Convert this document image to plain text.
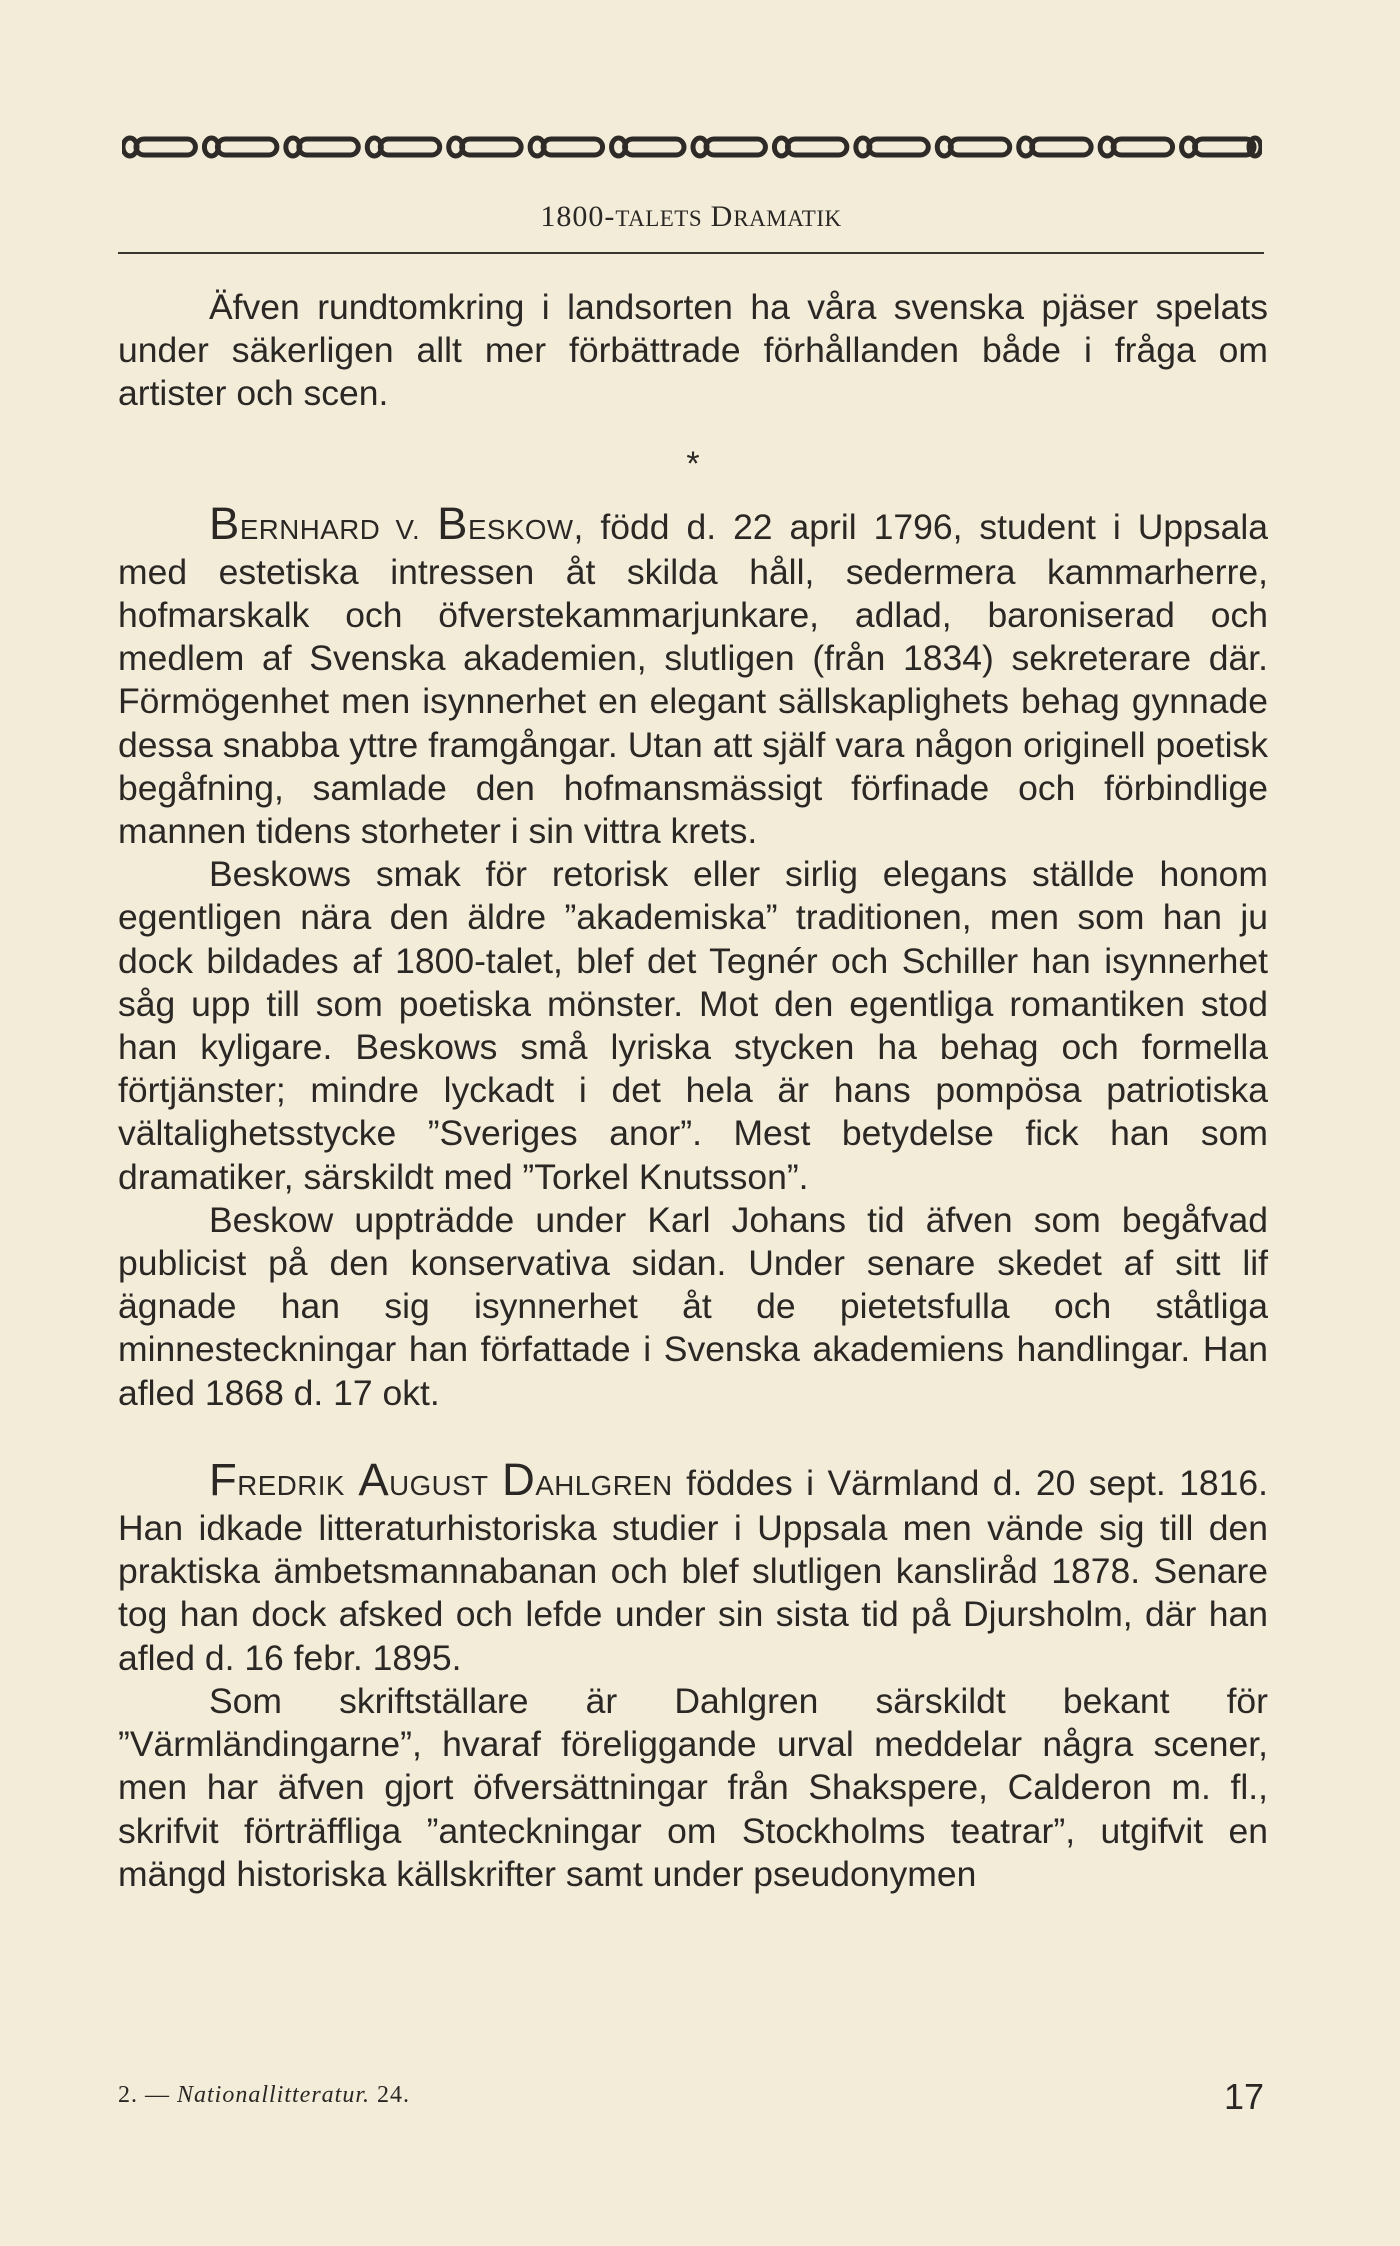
1800-TALETS DRAMATIK

Äfven rundtomkring i landsorten ha våra svenska pjäser spelats under säkerligen allt mer förbättrade förhållanden både i fråga om artister och scen.

*

BERNHARD V. BESKOW, född d. 22 april 1796, student i Uppsala med estetiska intressen åt skilda håll, sedermera kammarherre, hofmarskalk och öfverstekammarjunkare, adlad, baroniserad och medlem af Svenska akademien, slutligen (från 1834) sekreterare där. Förmögenhet men isynnerhet en elegant sällskaplighets behag gynnade dessa snabba yttre framgångar. Utan att själf vara någon originell poetisk begåfning, samlade den hofmansmässigt förfinade och förbindlige mannen tidens storheter i sin vittra krets.

Beskows smak för retorisk eller sirlig elegans ställde honom egentligen nära den äldre ”akademiska” traditionen, men som han ju dock bildades af 1800-talet, blef det Tegnér och Schiller han isynnerhet såg upp till som poetiska mönster. Mot den egentliga romantiken stod han kyligare. Beskows små lyriska stycken ha behag och formella förtjänster; mindre lyckadt i det hela är hans pompösa patriotiska vältalighetsstycke ”Sveriges anor”. Mest betydelse fick han som dramatiker, särskildt med ”Torkel Knutsson”.

Beskow uppträdde under Karl Johans tid äfven som begåfvad publicist på den konservativa sidan. Under senare skedet af sitt lif ägnade han sig isynnerhet åt de pietetsfulla och ståtliga minnesteckningar han författade i Svenska akademiens handlingar. Han afled 1868 d. 17 okt.

FREDRIK AUGUST DAHLGREN föddes i Värmland d. 20 sept. 1816. Han idkade litteraturhistoriska studier i Uppsala men vände sig till den praktiska ämbetsmannabanan och blef slutligen kansliråd 1878. Senare tog han dock afsked och lefde under sin sista tid på Djursholm, där han afled d. 16 febr. 1895.

Som skriftställare är Dahlgren särskildt bekant för ”Värmländingarne”, hvaraf föreliggande urval meddelar några scener, men har äfven gjort öfversättningar från Shakspere, Calderon m. fl., skrifvit förträffliga ”anteckningar om Stockholms teatrar”, utgifvit en mängd historiska källskrifter samt under pseudonymen

2. — Nationallitteratur. 24.	17
